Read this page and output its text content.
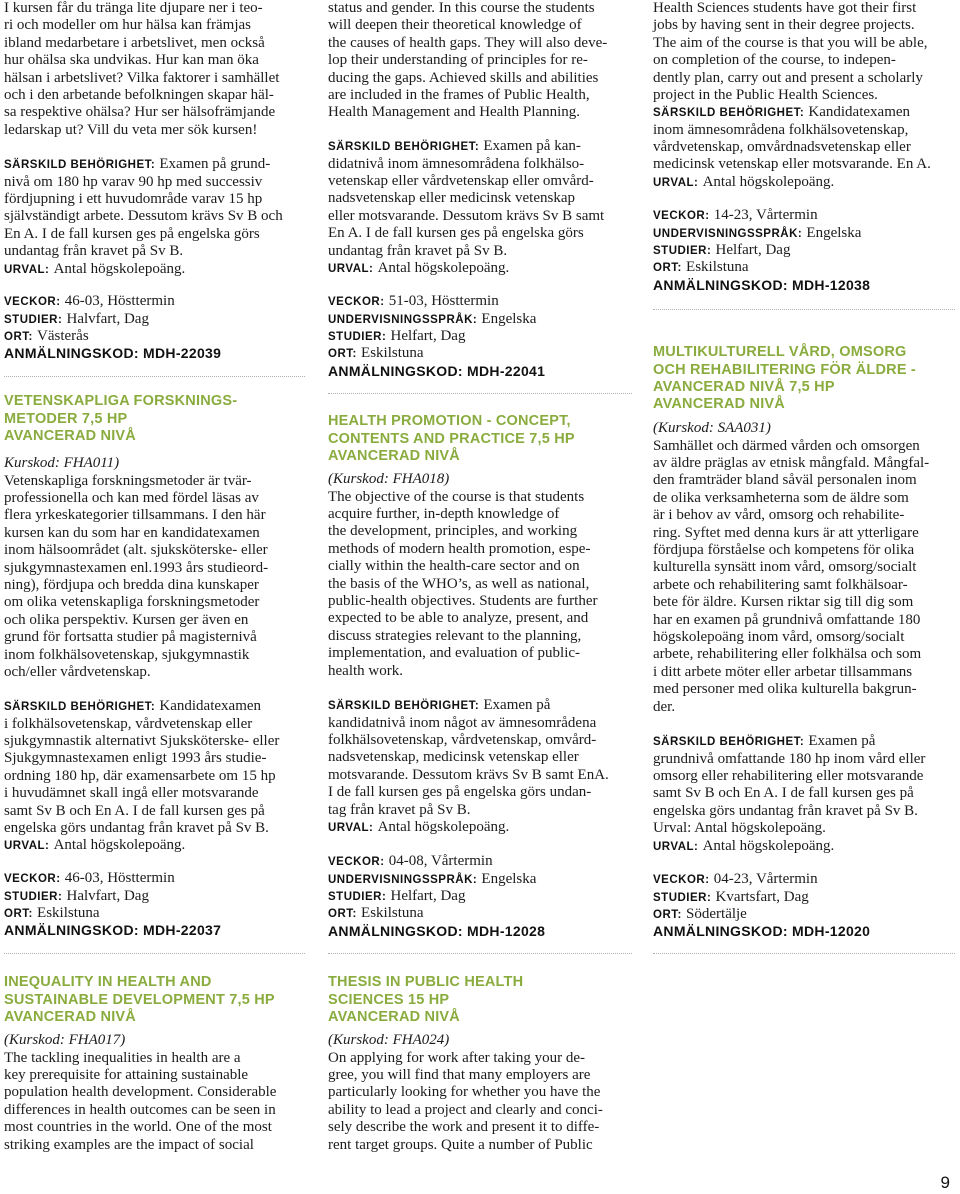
9
I kursen får du tränga lite djupare ner i teo-
ri och modeller om hur hälsa kan främjas
ibland medarbetare i arbetslivet, men också
hur ohälsa ska undvikas. Hur kan man öka
hälsan i arbetslivet? Vilka faktorer i samhället
och i den arbetande befolkningen skapar häl-
sa respektive ohälsa? Hur ser hälsofrämjande
ledarskap ut? Vill du veta mer sök kursen!
SÄRSKILD BEHÖRIGHET: Examen på grund-
nivå om 180 hp varav 90 hp med successiv
fördjupning i ett huvudområde varav 15 hp
självständigt arbete. Dessutom krävs Sv B och
En A. I de fall kursen ges på engelska görs
undantag från kravet på Sv B.
URVAL: Antal högskolepoäng.
VECKOR: 46-03, Hösttermin
STUDIER: Halvfart, Dag
ORT: Västerås
ANMÄLNINGSKOD: MDH-22039
VETENSKAPLIGA FORSKNINGS-
METODER 7,5 HP
AVANCERAD NIVÅ
Kurskod: FHA011)
Vetenskapliga forskningsmetoder är tvär-
professionella och kan med fördel läsas av
flera yrkeskategorier tillsammans. I den här
kursen kan du som har en kandidatexamen
inom hälsoområdet (alt. sjuksköterske- eller
sjukgymnastexamen enl.1993 års studieord-
ning), fördjupa och bredda dina kunskaper
om olika vetenskapliga forskningsmetoder
och olika perspektiv. Kursen ger även en
grund för fortsatta studier på magisternivå
inom folkhälsovetenskap, sjukgymnastik
och/eller vårdvetenskap.
SÄRSKILD BEHÖRIGHET: Kandidatexamen
i folkhälsovetenskap, vårdvetenskap eller
sjukgymnastik alternativt Sjuksköterske- eller
Sjukgymnastexamen enligt 1993 års studie-
ordning 180 hp, där examensarbete om 15 hp
i huvudämnet skall ingå eller motsvarande
samt Sv B och En A. I de fall kursen ges på
engelska görs undantag från kravet på Sv B.
URVAL: Antal högskolepoäng.
VECKOR: 46-03, Hösttermin
STUDIER: Halvfart, Dag
ORT: Eskilstuna
ANMÄLNINGSKOD: MDH-22037
INEQUALITY IN HEALTH AND
SUSTAINABLE DEVELOPMENT 7,5 HP
AVANCERAD NIVÅ
(Kurskod: FHA017)
The tackling inequalities in health are a
key prerequisite for attaining sustainable
population health development. Considerable
differences in health outcomes can be seen in
most countries in the world. One of the most
striking examples are the impact of social
status and gender. In this course the students
will deepen their theoretical knowledge of
the causes of health gaps. They will also deve-
lop their understanding of principles for re-
ducing the gaps. Achieved skills and abilities
are included in the frames of Public Health,
Health Management and Health Planning.
SÄRSKILD BEHÖRIGHET: Examen på kan-
didatnivå inom ämnesområdena folkhälso-
vetenskap eller vårdvetenskap eller omvård-
nadsvetenskap eller medicinsk vetenskap
eller motsvarande. Dessutom krävs Sv B samt
En A. I de fall kursen ges på engelska görs
undantag från kravet på Sv B.
URVAL: Antal högskolepoäng.
VECKOR: 51-03, Hösttermin
UNDERVISNINGSSPRÅK: Engelska
STUDIER: Helfart, Dag
ORT: Eskilstuna
ANMÄLNINGSKOD: MDH-22041
HEALTH PROMOTION - CONCEPT,
CONTENTS AND PRACTICE 7,5 HP
AVANCERAD NIVÅ
(Kurskod: FHA018)
The objective of the course is that students
acquire further, in-depth knowledge of
the development, principles, and working
methods of modern health promotion, espe-
cially within the health-care sector and on
the basis of the WHO’s, as well as national,
public-health objectives. Students are further
expected to be able to analyze, present, and
discuss strategies relevant to the planning,
implementation, and evaluation of public-
health work.
SÄRSKILD BEHÖRIGHET: Examen på
kandidatnivå inom något av ämnesområdena
folkhälsovetenskap, vårdvetenskap, omvård-
nadsvetenskap, medicinsk vetenskap eller
motsvarande. Dessutom krävs Sv B samt EnA.
I de fall kursen ges på engelska görs undan-
tag från kravet på Sv B.
URVAL: Antal högskolepoäng.
VECKOR: 04-08, Vårtermin
UNDERVISNINGSSPRÅK: Engelska
STUDIER: Helfart, Dag
ORT: Eskilstuna
ANMÄLNINGSKOD: MDH-12028
THESIS IN PUBLIC HEALTH
SCIENCES 15 HP
AVANCERAD NIVÅ
(Kurskod: FHA024)
On applying for work after taking your de-
gree, you will find that many employers are
particularly looking for whether you have the
ability to lead a project and clearly and conci-
sely describe the work and present it to diffe-
rent target groups. Quite a number of Public
Health Sciences students have got their first
jobs by having sent in their degree projects.
The aim of the course is that you will be able,
on completion of the course, to indepen-
dently plan, carry out and present a scholarly
project in the Public Health Sciences.
SÄRSKILD BEHÖRIGHET: Kandidatexamen
inom ämnesområdena folkhälsovetenskap,
vårdvetenskap, omvårdnadsvetenskap eller
medicinsk vetenskap eller motsvarande. En A.
URVAL: Antal högskolepoäng.
VECKOR: 14-23, Vårtermin
UNDERVISNINGSSPRÅK: Engelska
STUDIER: Helfart, Dag
ORT: Eskilstuna
ANMÄLNINGSKOD: MDH-12038
MULTIKULTURELL VÅRD, OMSORG
OCH REHABILITERING FÖR ÄLDRE -
AVANCERAD NIVÅ 7,5 HP
AVANCERAD NIVÅ
(Kurskod: SAA031)
Samhället och därmed vården och omsorgen
av äldre präglas av etnisk mångfald. Mångfal-
den framträder bland såväl personalen inom
de olika verksamheterna som de äldre som
är i behov av vård, omsorg och rehabilite-
ring. Syftet med denna kurs är att ytterligare
fördjupa förståelse och kompetens för olika
kulturella synsätt inom vård, omsorg/socialt
arbete och rehabilitering samt folkhälsoar-
bete för äldre. Kursen riktar sig till dig som
har en examen på grundnivå omfattande 180
högskolepoäng inom vård, omsorg/socialt
arbete, rehabilitering eller folkhälsa och som
i ditt arbete möter eller arbetar tillsammans
med personer med olika kulturella bakgrun-
der.
SÄRSKILD BEHÖRIGHET: Examen på
grundnivå omfattande 180 hp inom vård eller
omsorg eller rehabilitering eller motsvarande
samt Sv B och En A. I de fall kursen ges på
engelska görs undantag från kravet på Sv B.
Urval: Antal högskolepoäng.
URVAL: Antal högskolepoäng.
VECKOR: 04-23, Vårtermin
STUDIER: Kvartsfart, Dag
ORT: Södertälje
ANMÄLNINGSKOD: MDH-12020
